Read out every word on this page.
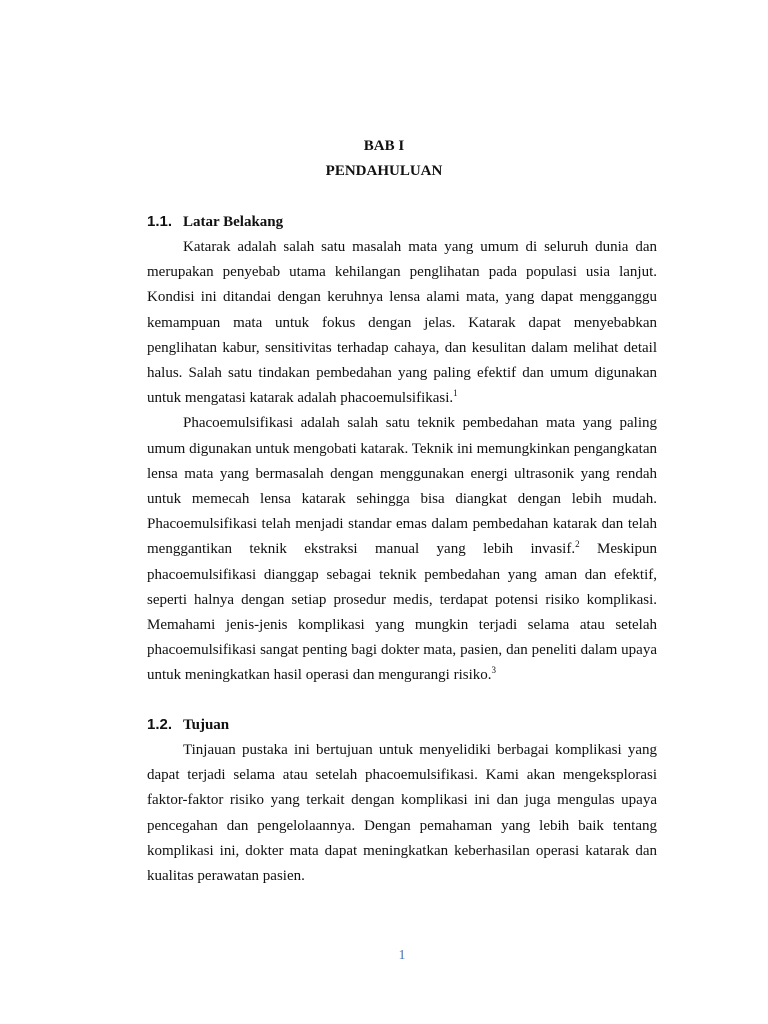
BAB I
PENDAHULUAN
1.1. Latar Belakang

Katarak adalah salah satu masalah mata yang umum di seluruh dunia dan merupakan penyebab utama kehilangan penglihatan pada populasi usia lanjut. Kondisi ini ditandai dengan keruhnya lensa alami mata, yang dapat mengganggu kemampuan mata untuk fokus dengan jelas. Katarak dapat menyebabkan penglihatan kabur, sensitivitas terhadap cahaya, dan kesulitan dalam melihat detail halus. Salah satu tindakan pembedahan yang paling efektif dan umum digunakan untuk mengatasi katarak adalah phacoemulsifikasi.$^1$

Phacoemulsifikasi adalah salah satu teknik pembedahan mata yang paling umum digunakan untuk mengobati katarak. Teknik ini memungkinkan pengangkatan lensa mata yang bermasalah dengan menggunakan energi ultrasonik yang rendah untuk memecah lensa katarak sehingga bisa diangkat dengan lebih mudah. Phacoemulsifikasi telah menjadi standar emas dalam pembedahan katarak dan telah menggantikan teknik ekstraksi manual yang lebih invasif.$^2$ Meskipun phacoemulsifikasi dianggap sebagai teknik pembedahan yang aman dan efektif, seperti halnya dengan setiap prosedur medis, terdapat potensi risiko komplikasi. Memahami jenis-jenis komplikasi yang mungkin terjadi selama atau setelah phacoemulsifikasi sangat penting bagi dokter mata, pasien, dan peneliti dalam upaya untuk meningkatkan hasil operasi dan mengurangi risiko.$^3$

1.2. Tujuan

Tinjauan pustaka ini bertujuan untuk menyelidiki berbagai komplikasi yang dapat terjadi selama atau setelah phacoemulsifikasi. Kami akan mengeksplorasi faktor-faktor risiko yang terkait dengan komplikasi ini dan juga mengulas upaya pencegahan dan pengelolaannya. Dengan pemahaman yang lebih baik tentang komplikasi ini, dokter mata dapat meningkatkan keberhasilan operasi katarak dan kualitas perawatan pasien.

1
